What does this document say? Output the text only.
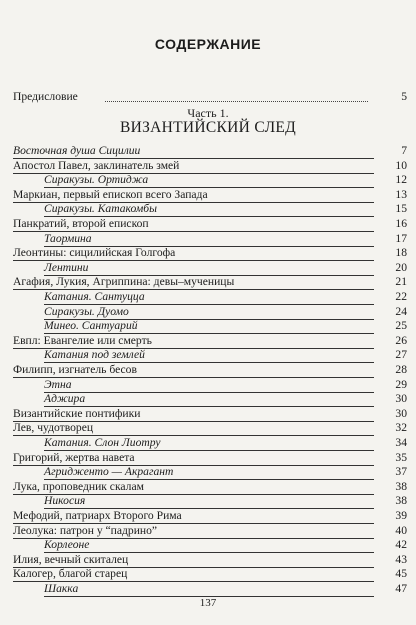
СОДЕРЖАНИЕ
Предисловие	5
Часть 1.
ВИЗАНТИЙСКИЙ СЛЕД
Восточная душа Сицилии	7
Апостол Павел, заклинатель змей	10
Сиракузы. Ортиджа	12
Маркиан, первый епископ всего Запада	13
Сиракузы. Катакомбы	15
Панкратий, второй епископ	16
Таормина	17
Леонтины: сицилийская Голгофа	18
Лентини	20
Агафия, Лукия, Агриппина: девы–мученицы	21
Катания. Сантуцца	22
Сиракузы. Дуомо	24
Минео. Сантуарий	25
Евпл: Евангелие или смерть	26
Катания под землей	27
Филипп, изгнатель бесов	28
Этна	29
Аджира	30
Византийские понтифики	30
Лев, чудотворец	32
Катания. Слон Лиотру	34
Григорий, жертва навета	35
Агридженто — Акрагант	37
Лука, проповедник скалам	38
Никосия	38
Мефодий, патриарх Второго Рима	39
Леолука: патрон у “падрино”	40
Корлеоне	42
Илия, вечный скиталец	43
Калогер, благой старец	45
Шакка	47
137
